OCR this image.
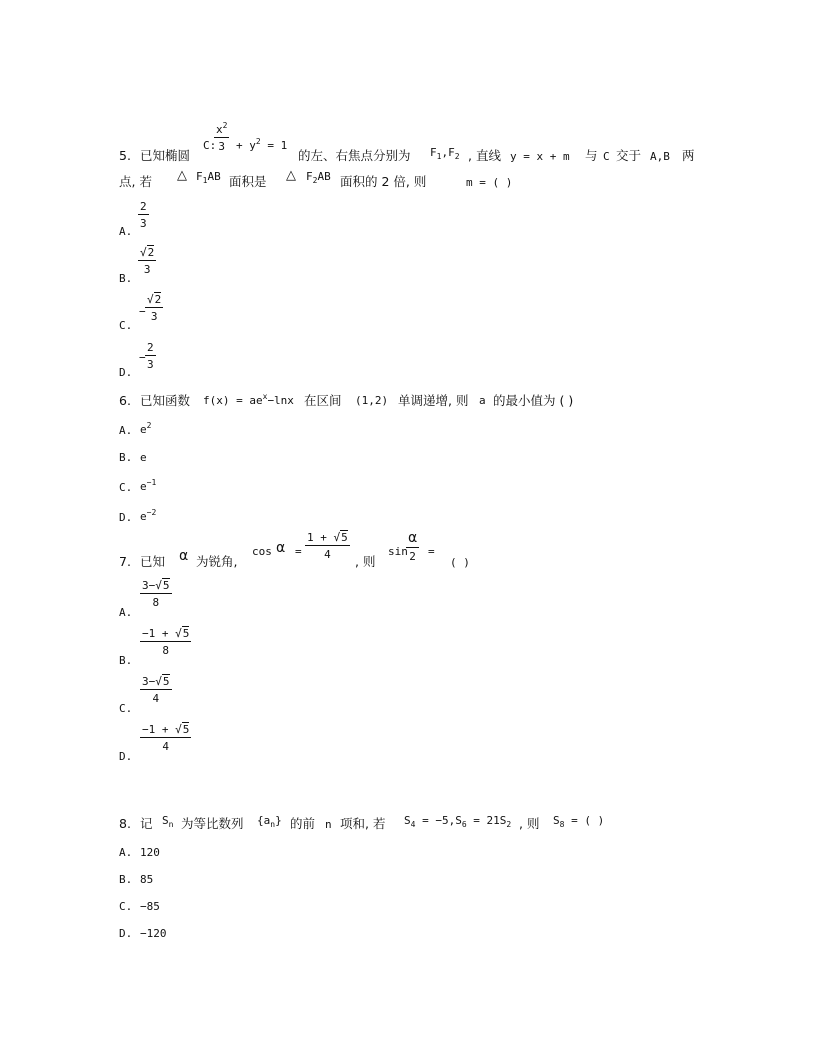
5. 已知椭圆
C:
$\frac{x^2}{3} + y^2 = 1$
的左、右焦点分别为 $F_1,F_2$ , 直线 y = x + m 与 C 交于 A,B 两
点, 若 △ $F_1AB$ 面积是 △ $F_2AB$ 面积的 2 倍, 则	m = ( )
A.
$\frac{2}{3}$
B.
$\frac{√2}{3}$
C.
− $\frac{√2}{3}$
D.
− $\frac{2}{3}$
6. 已知函数 $f(x) = ae^x-\ln x$ 在区间 (1,2) 单调递增, 则 a 的最小值为 ( )
A. $e^2$
B. e
C. $e^{-1}$
D. $e^{-2}$
7. 已知 α 为锐角,
$\cos \alpha = \frac{1 + √5}{4}$
, 则
sin
α
2 =
( )
A.
$\frac{3-√5}{8}$
B.
$\frac{-1 + √5}{8}$
C.
$\frac{3-√5}{4}$
D.
$\frac{-1 + √5}{4}$
8. 记 $S_n$ 为等比数列 $\{a_n\}$ 的前 n 项和, 若 $S_4 = -5,S_6 = 21S_2$ , 则 $S_8$ = ( )
A. 120
B. 85
C. −85
D. −120
